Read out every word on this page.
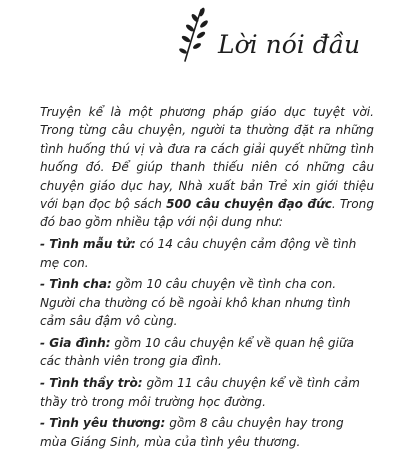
Lời nói đầu

Truyện kể là một phương pháp giáo dục tuyệt vời. Trong từng câu chuyện, người ta thường đặt ra những tình huống thú vị và đưa ra cách giải quyết những tình huống đó. Để giúp thanh thiếu niên có những câu chuyện giáo dục hay, Nhà xuất bản Trẻ xin giới thiệu với bạn đọc bộ sách 500 câu chuyện đạo đức. Trong đó bao gồm nhiều tập với nội dung như:

- Tình mẫu tử: có 14 câu chuyện cảm động về tình mẹ con.

- Tình cha: gồm 10 câu chuyện về tình cha con. Người cha thường có bề ngoài khô khan nhưng tình cảm sâu đậm vô cùng.

- Gia đình: gồm 10 câu chuyện kể về quan hệ giữa các thành viên trong gia đình.

- Tình thầy trò: gồm 11 câu chuyện kể về tình cảm thầy trò trong môi trường học đường.

- Tình yêu thương: gồm 8 câu chuyện hay trong mùa Giáng Sinh, mùa của tình yêu thương.
